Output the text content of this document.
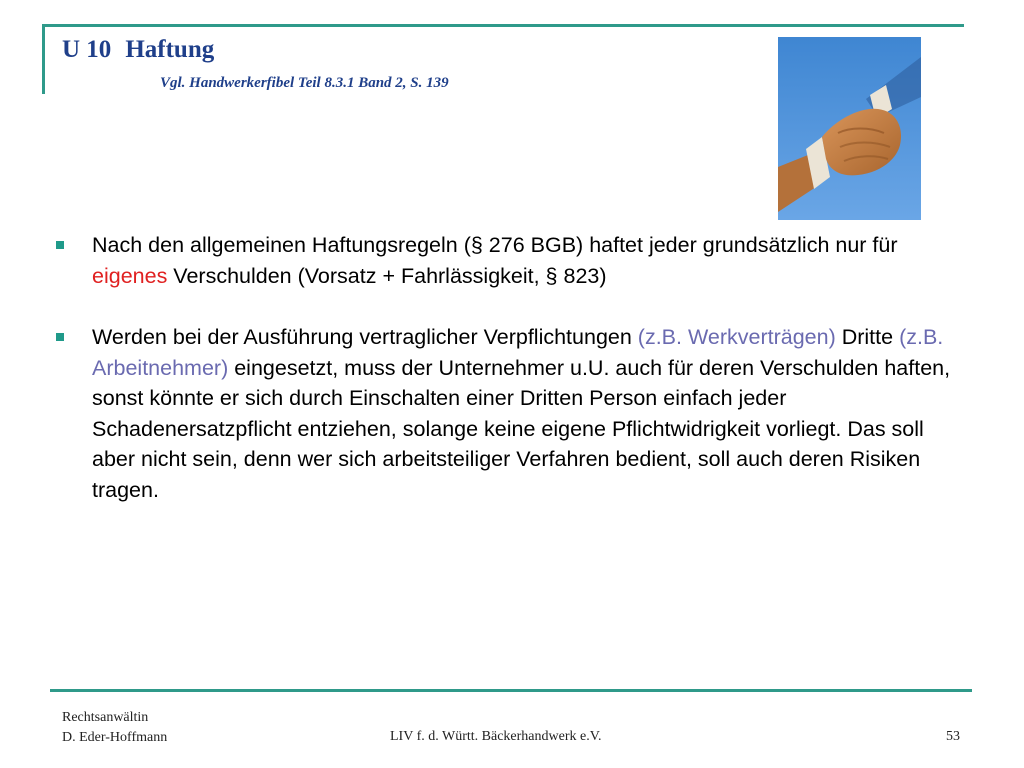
U 10 Haftung
Vgl. Handwerkerfibel Teil 8.3.1 Band 2, S. 139
Nach den allgemeinen Haftungsregeln (§ 276 BGB) haftet jeder grundsätzlich nur für eigenes Verschulden (Vorsatz + Fahrlässigkeit, § 823)
Werden bei der Ausführung vertraglicher Verpflichtungen (z.B. Werkverträgen) Dritte (z.B. Arbeitnehmer) eingesetzt, muss der Unternehmer u.U. auch für deren Verschulden haften, sonst könnte er sich durch Einschalten einer Dritten Person einfach jeder Schadenersatzpflicht entziehen, solange keine eigene Pflichtwidrigkeit vorliegt. Das soll aber nicht sein, denn wer sich arbeitsteiliger Verfahren bedient, soll auch deren Risiken tragen.
Rechtsanwältin
D. Eder-Hoffmann	LIV f. d. Württ. Bäckerhandwerk e.V.	53
